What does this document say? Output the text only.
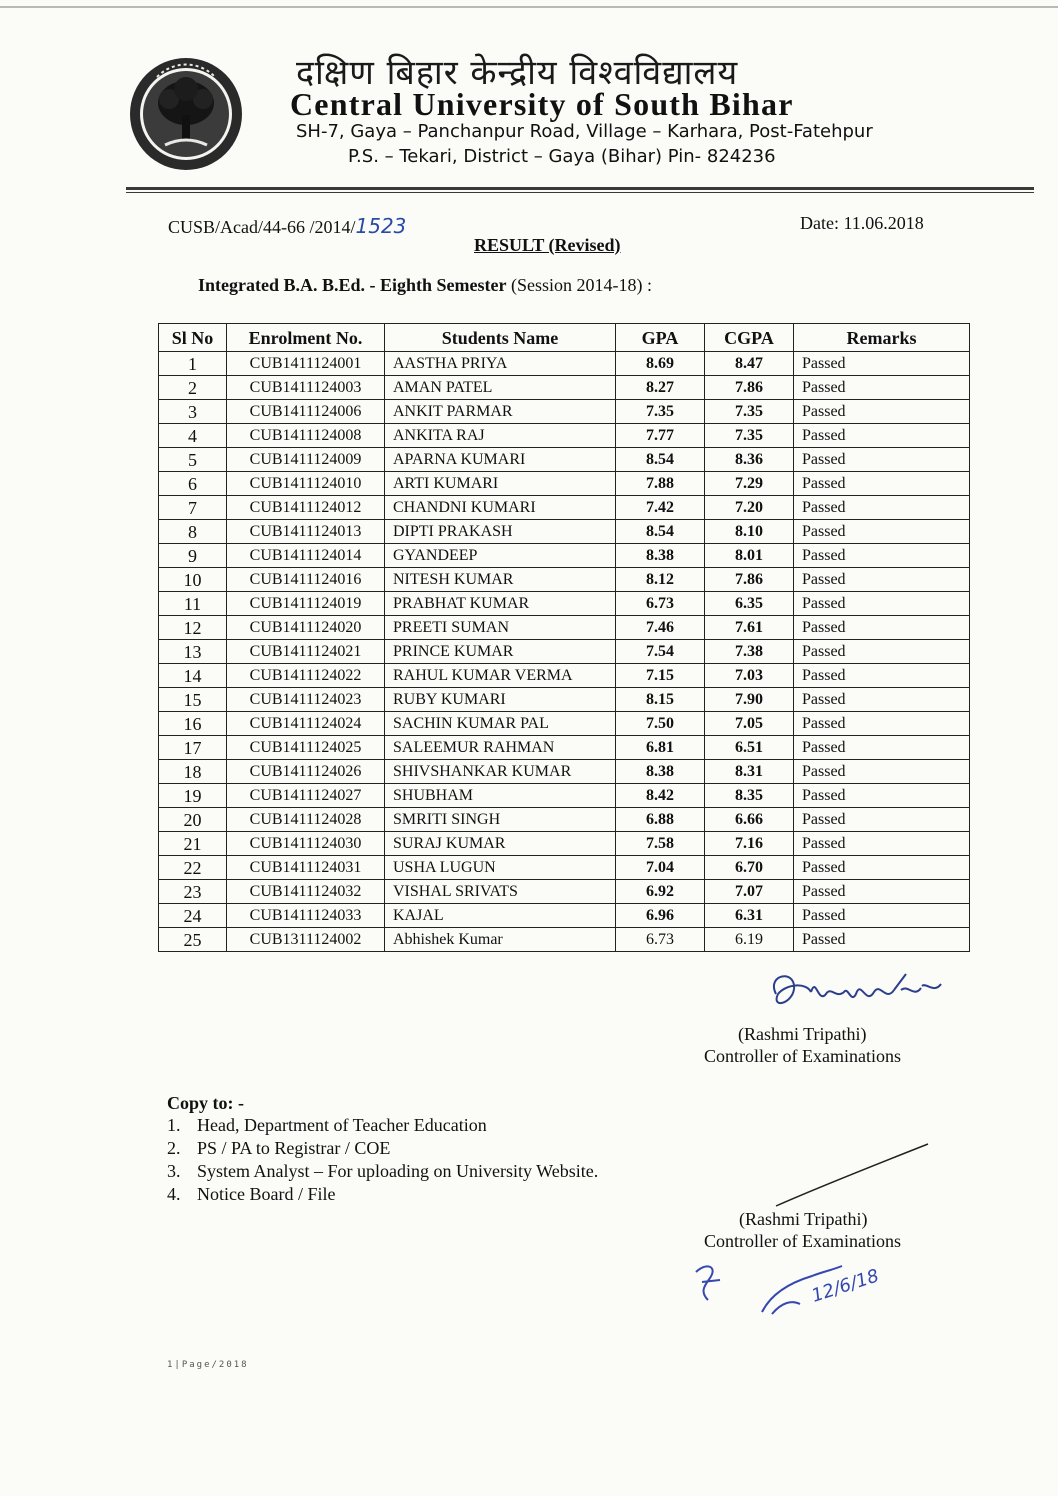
दक्षिण बिहार केन्द्रीय विश्वविद्यालय
Central University of South Bihar
SH-7, Gaya – Panchanpur Road, Village – Karhara, Post-Fatehpur
P.S. – Tekari, District – Gaya (Bihar) Pin- 824236
CUSB/Acad/44-66 /2014/1523	Date: 11.06.2018
RESULT (Revised)
Integrated B.A. B.Ed. - Eighth Semester (Session 2014-18) :
Sl No	Enrolment No.	Students Name	GPA	CGPA	Remarks
1	CUB1411124001	AASTHA PRIYA	8.69	8.47	Passed
2	CUB1411124003	AMAN PATEL	8.27	7.86	Passed
3	CUB1411124006	ANKIT PARMAR	7.35	7.35	Passed
4	CUB1411124008	ANKITA RAJ	7.77	7.35	Passed
5	CUB1411124009	APARNA KUMARI	8.54	8.36	Passed
6	CUB1411124010	ARTI KUMARI	7.88	7.29	Passed
7	CUB1411124012	CHANDNI KUMARI	7.42	7.20	Passed
8	CUB1411124013	DIPTI PRAKASH	8.54	8.10	Passed
9	CUB1411124014	GYANDEEP	8.38	8.01	Passed
10	CUB1411124016	NITESH KUMAR	8.12	7.86	Passed
11	CUB1411124019	PRABHAT KUMAR	6.73	6.35	Passed
12	CUB1411124020	PREETI SUMAN	7.46	7.61	Passed
13	CUB1411124021	PRINCE KUMAR	7.54	7.38	Passed
14	CUB1411124022	RAHUL KUMAR VERMA	7.15	7.03	Passed
15	CUB1411124023	RUBY KUMARI	8.15	7.90	Passed
16	CUB1411124024	SACHIN KUMAR PAL	7.50	7.05	Passed
17	CUB1411124025	SALEEMUR RAHMAN	6.81	6.51	Passed
18	CUB1411124026	SHIVSHANKAR KUMAR	8.38	8.31	Passed
19	CUB1411124027	SHUBHAM	8.42	8.35	Passed
20	CUB1411124028	SMRITI SINGH	6.88	6.66	Passed
21	CUB1411124030	SURAJ KUMAR	7.58	7.16	Passed
22	CUB1411124031	USHA LUGUN	7.04	6.70	Passed
23	CUB1411124032	VISHAL SRIVATS	6.92	7.07	Passed
24	CUB1411124033	KAJAL	6.96	6.31	Passed
25	CUB1311124002	Abhishek Kumar	6.73	6.19	Passed
(Rashmi Tripathi)
Controller of Examinations
Copy to: -
1. Head, Department of Teacher Education
2. PS / PA to Registrar / COE
3. System Analyst – For uploading on University Website.
4. Notice Board / File
(Rashmi Tripathi)
Controller of Examinations
12/6/18
1|Page/2018
